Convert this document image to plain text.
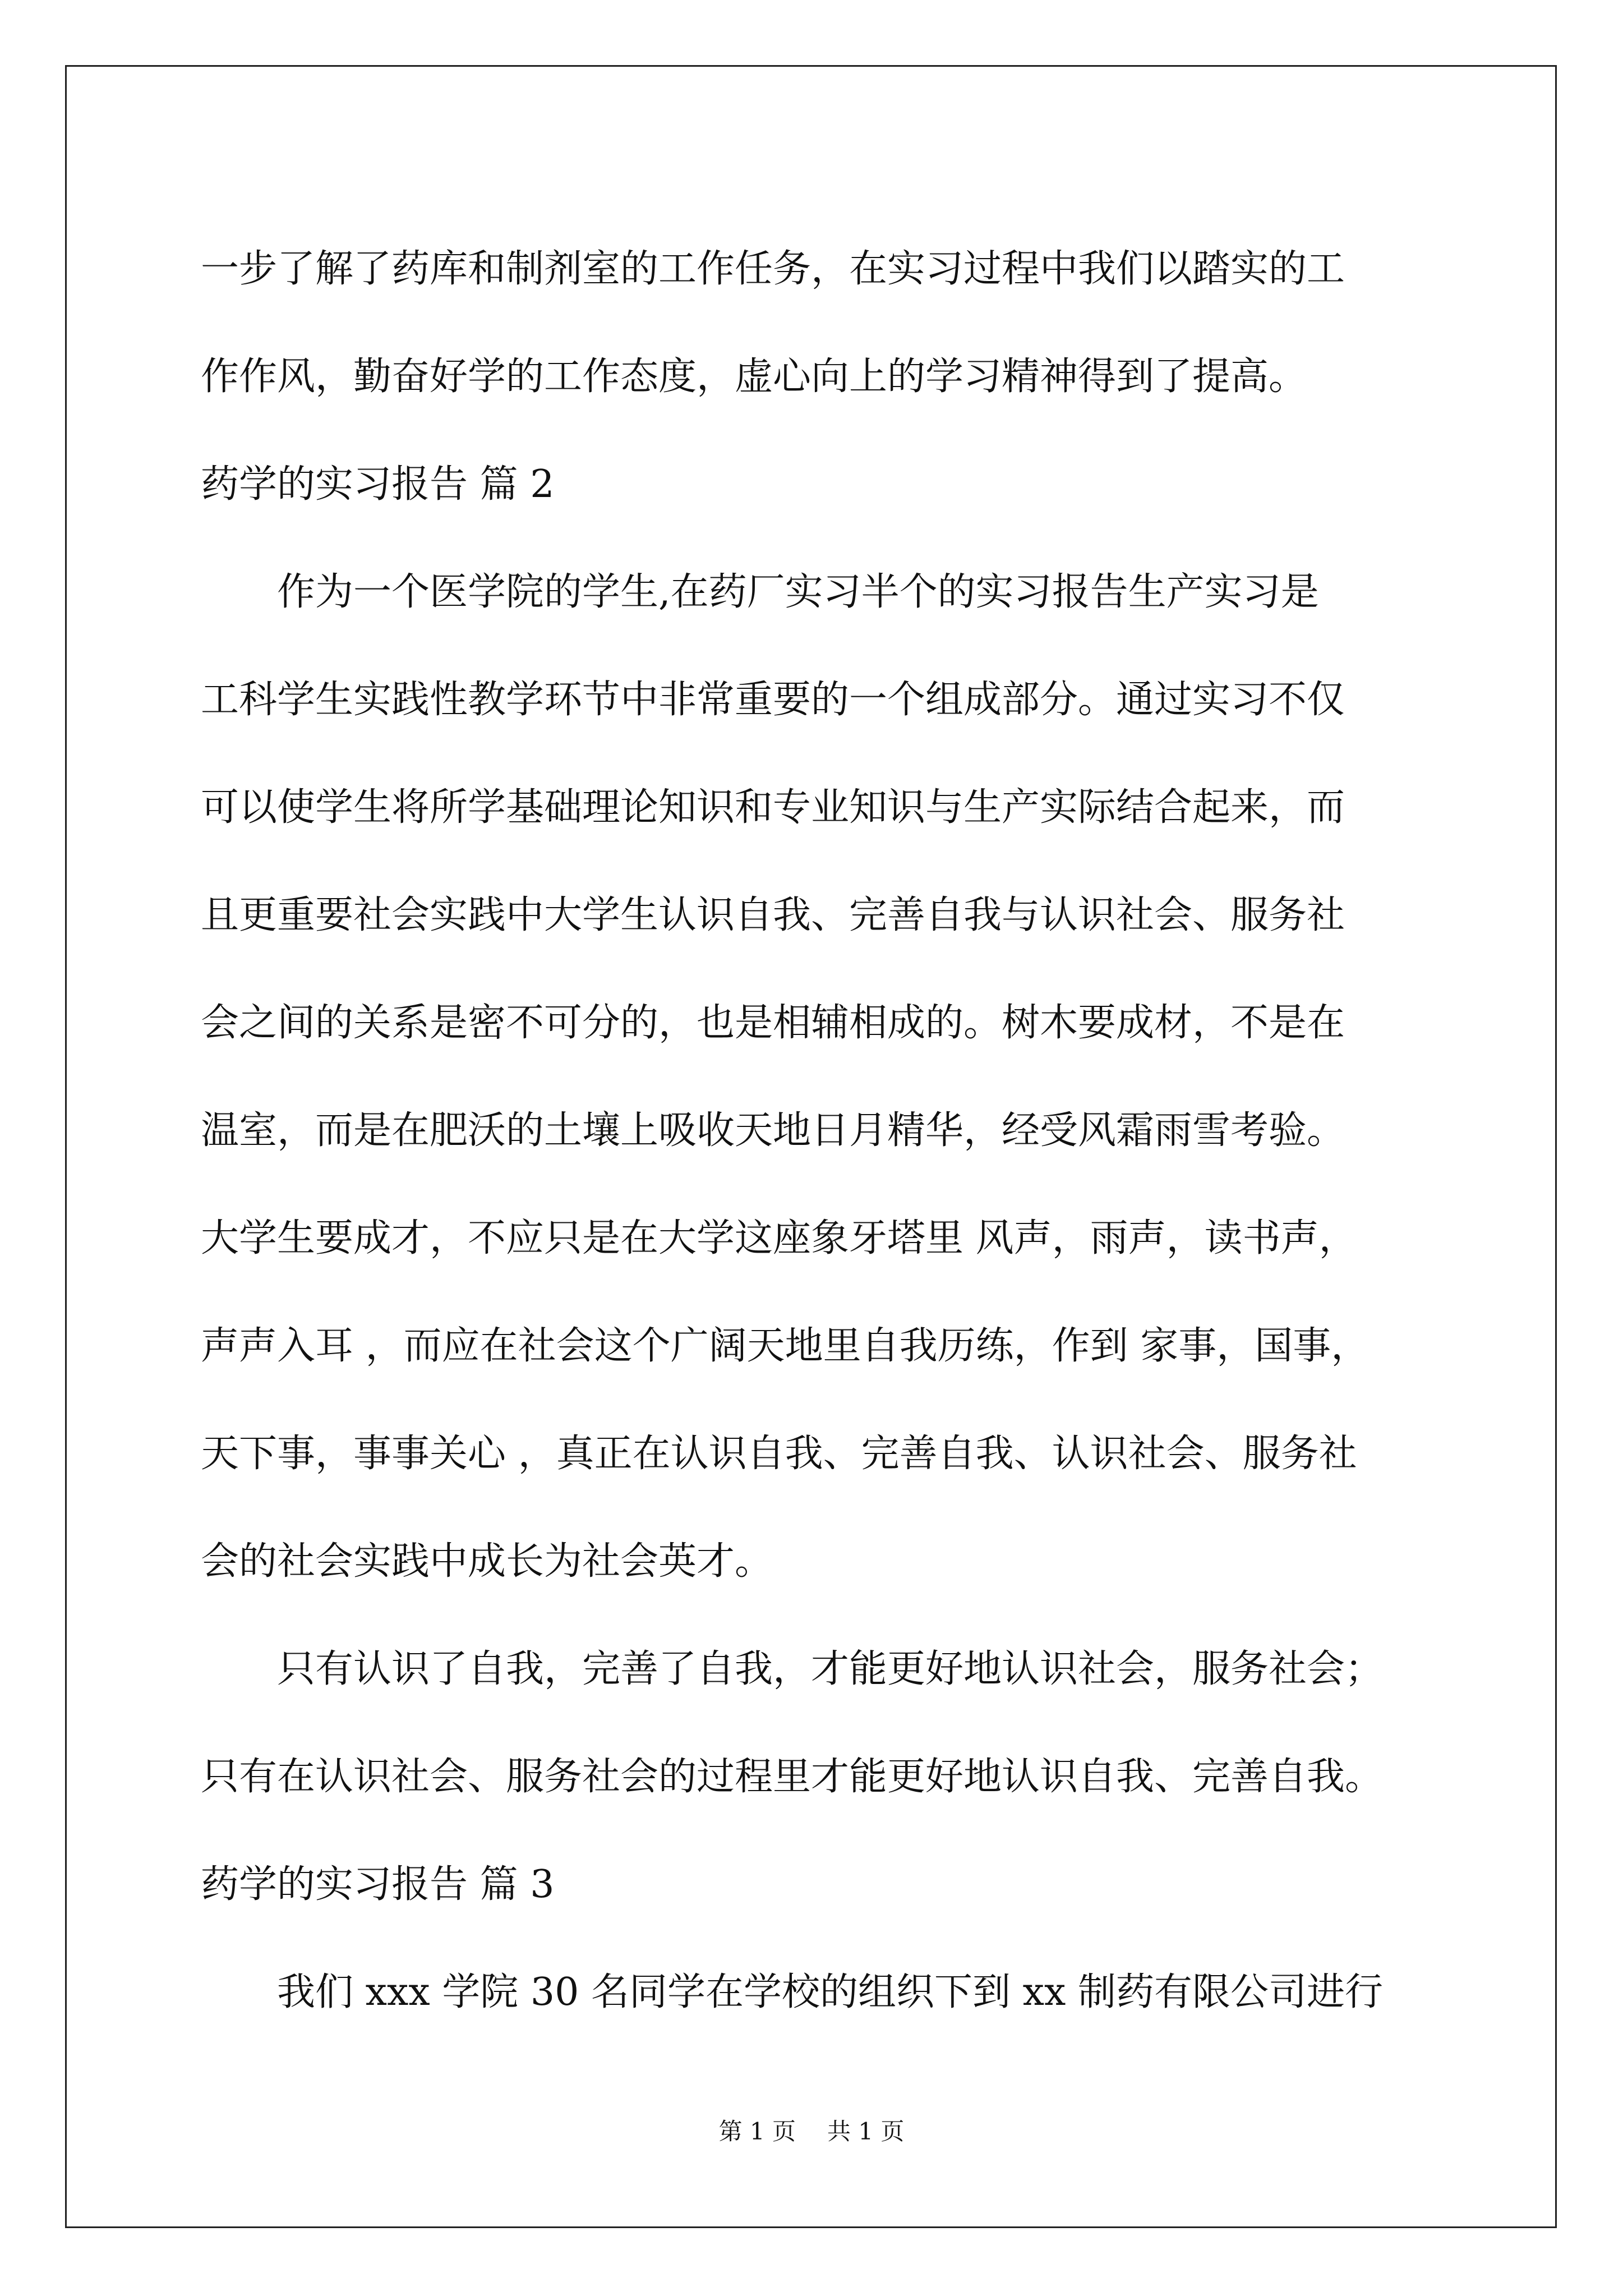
一步了解了药库和制剂室的工作任务，在实习过程中我们以踏实的工
作作风，勤奋好学的工作态度，虚心向上的学习精神得到了提高。
药学的实习报告 篇 2
作为一个医学院的学生,在药厂实习半个的实习报告生产实习是
工科学生实践性教学环节中非常重要的一个组成部分。通过实习不仅
可以使学生将所学基础理论知识和专业知识与生产实际结合起来，而
且更重要社会实践中大学生认识自我、完善自我与认识社会、服务社
会之间的关系是密不可分的，也是相辅相成的。树木要成材，不是在
温室，而是在肥沃的土壤上吸收天地日月精华，经受风霜雨雪考验。
大学生要成才，不应只是在大学这座象牙塔里 风声，雨声，读书声，
声声入耳 ，而应在社会这个广阔天地里自我历练，作到 家事，国事，
天下事，事事关心 ，真正在认识自我、完善自我、认识社会、服务社
会的社会实践中成长为社会英才。
只有认识了自我，完善了自我，才能更好地认识社会，服务社会；
只有在认识社会、服务社会的过程里才能更好地认识自我、完善自我。
药学的实习报告 篇 3
我们 xxx 学院 30 名同学在学校的组织下到 xx 制药有限公司进行
第 1 页 共 1 页
